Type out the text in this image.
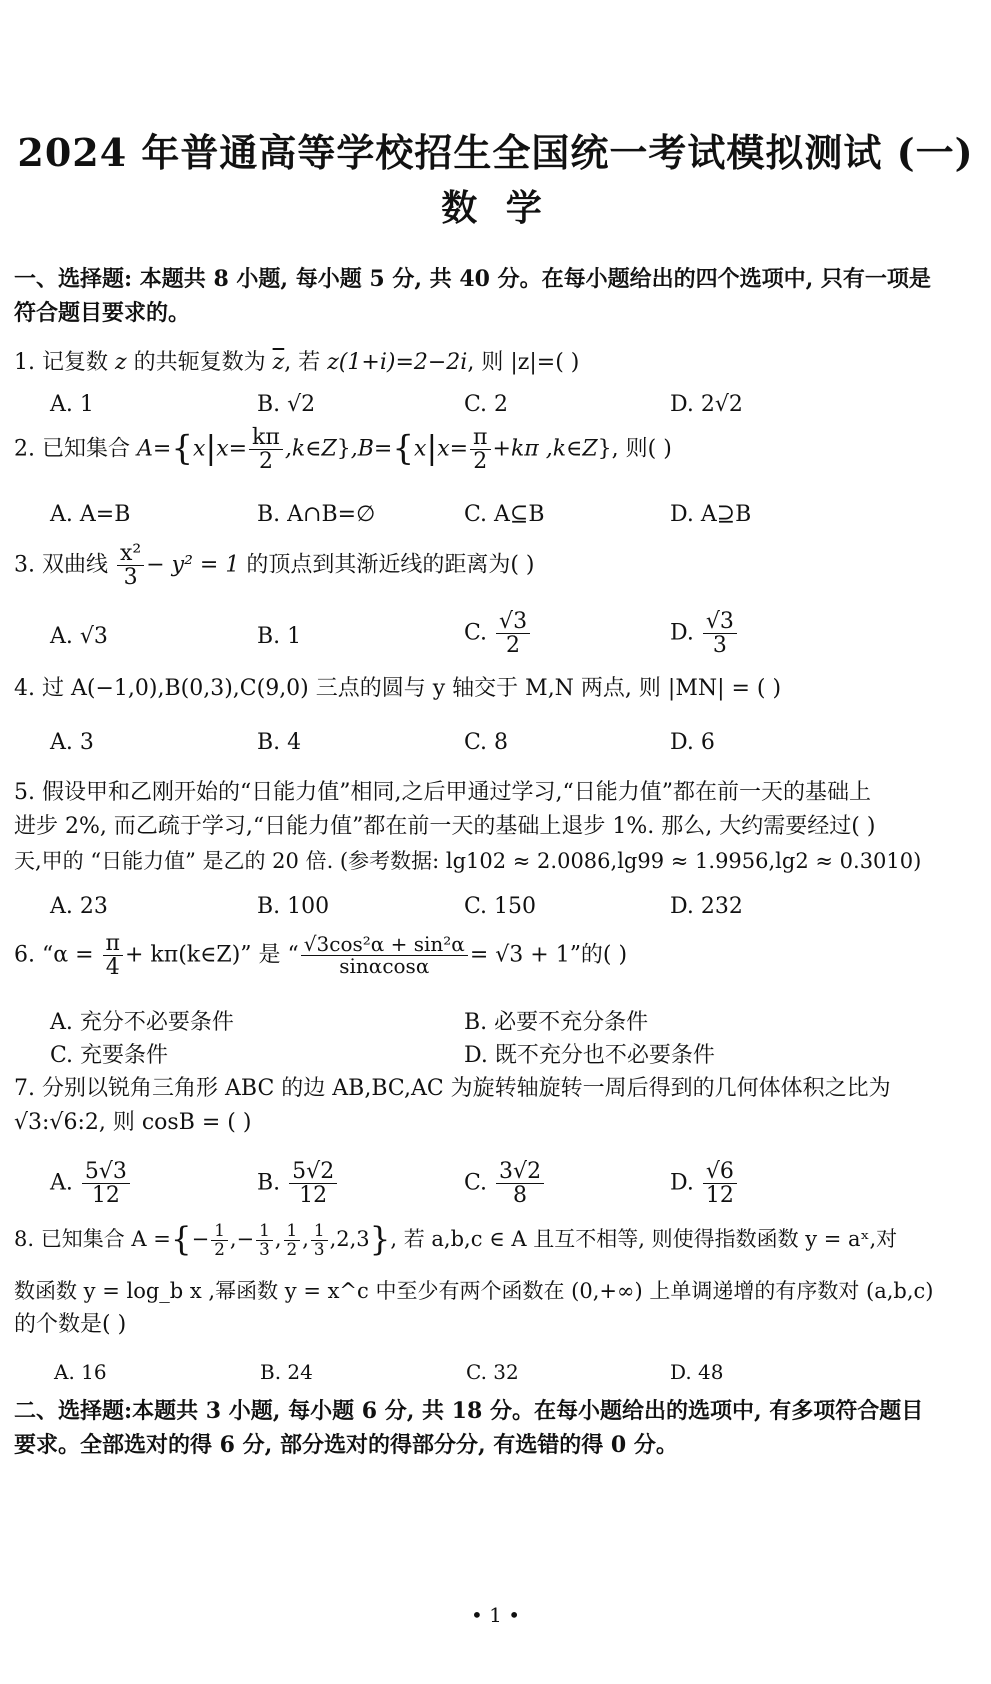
2024 年普通高等学校招生全国统一考试模拟测试 (一)
数 学
一、选择题: 本题共 8 小题, 每小题 5 分, 共 40 分。在每小题给出的四个选项中, 只有一项是
符合题目要求的。
1. 记复数 z 的共轭复数为 $\overline{z}$, 若 z(1+i)=2−2i, 则 |z|=( )
A. 1	B. √2	C. 2	D. 2√2
2. 已知集合 $A=\{x|x= \frac{k\pi}{2}$ ,k∈Z},B={x|x= $\frac{\pi}{2} +k\pi$ ,k∈Z}, 则( )
A. A=B	B. A∩B=∅	C. A⊆B	D. A⊇B
3. 双曲线 $\frac{\text{x²}}{3} - y^2 = 1$ 的顶点到其渐近线的距离为( )
A. √3	B. 1	C. $\frac{√3}{2}$	D. $\frac{√3}{3}$
4. 过 A(−1,0),B(0,3),C(9,0) 三点的圆与 y 轴交于 M,N 两点, 则 |MN| = ( )
A. 3	B. 4	C. 8	D. 6
5. 假设甲和乙刚开始的“日能力值”相同,之后甲通过学习,“日能力值”都在前一天的基础上
进步 2%, 而乙疏于学习,“日能力值”都在前一天的基础上退步 1%. 那么, 大约需要经过( )
天,甲的 “日能力值” 是乙的 20 倍. (参考数据: lg102 ≈ 2.0086,lg99 ≈ 1.9956,lg2 ≈ 0.3010)
A. 23	B. 100	C. 150	D. 232
6. “$\alpha = \frac{\pi}{4}$ + kπ(k∈Z)” 是 “ $\frac{\text{√3cos²α + sin²α}}{\sin\alpha\cos\alpha} = √3 + 1$”的( )
A. 充分不必要条件	B. 必要不充分条件
C. 充要条件	D. 既不充分也不必要条件
7. 分别以锐角三角形 ABC 的边 AB,BC,AC 为旋转轴旋转一周后得到的几何体体积之比为
√3:√6:2, 则 cosB = ( )
A. $\frac{5√3}{12}$	B. $\frac{5√2}{12}$	C. $\frac{3√2}{8}$	D. $\frac{√6}{12}$
8. 已知集合 A ={− $\frac{1}{2}$ ,− $\frac{1}{3}$ , $\frac{1}{2}$ , $\frac{1}{3} ,2,3$}, 若 a,b,c ∈ A 且互不相等, 则使得指数函数 y = aˣ,对
数函数 y = log_b x ,幂函数 y = x^c 中至少有两个函数在 (0,+∞) 上单调递增的有序数对 (a,b,c)
的个数是( )
A. 16	B. 24	C. 32	D. 48
二、选择题:本题共 3 小题, 每小题 6 分, 共 18 分。在每小题给出的选项中, 有多项符合题目
要求。全部选对的得 6 分, 部分选对的得部分分, 有选错的得 0 分。
• 1 •
